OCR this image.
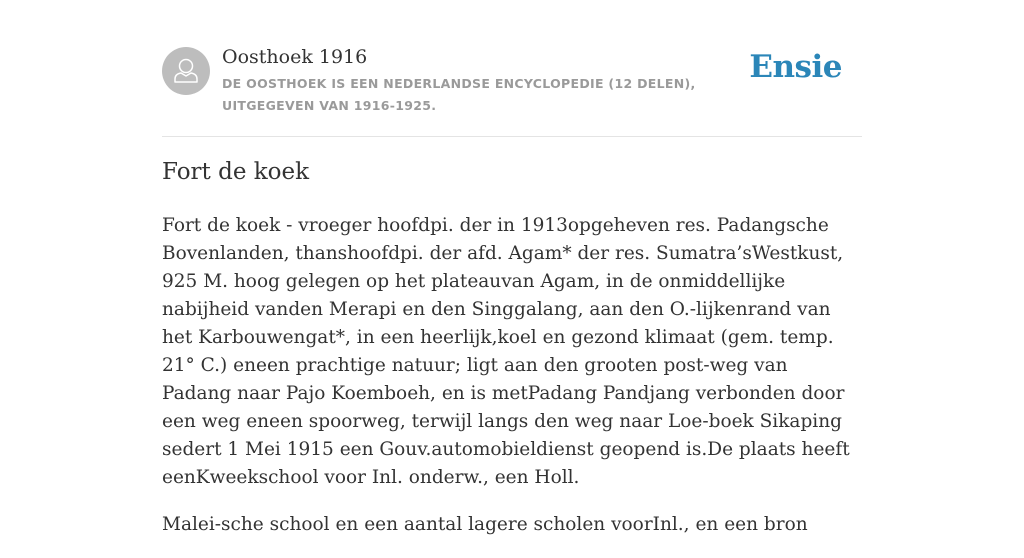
Oosthoek 1916
DE OOSTHOEK IS EEN NEDERLANDSE ENCYCLOPEDIE (12 DELEN), UITGEGEVEN VAN 1916-1925.
Ensie
Fort de koek

Fort de koek - vroeger hoofdpi. der in 1913opgeheven res. Padangsche Bovenlanden, thanshoofdpi. der afd. Agam* der res. Sumatra’sWestkust, 925 M. hoog gelegen op het plateauvan Agam, in de onmiddellijke nabijheid vanden Merapi en den Singgalang, aan den O.-lijkenrand van het Karbouwengat*, in een heerlijk,koel en gezond klimaat (gem. temp. 21° C.) eneen prachtige natuur; ligt aan den grooten post-weg van Padang naar Pajo Koemboeh, en is metPadang Pandjang verbonden door een weg eneen spoorweg, terwijl langs den weg naar Loe-boek Sikaping sedert 1 Mei 1915 een Gouv.automobieldienst geopend is.De plaats heeft eenKweekschool voor Inl. onderw., een Holl.

Malei-sche school en een aantal lagere scholen voorInl., en een bron
